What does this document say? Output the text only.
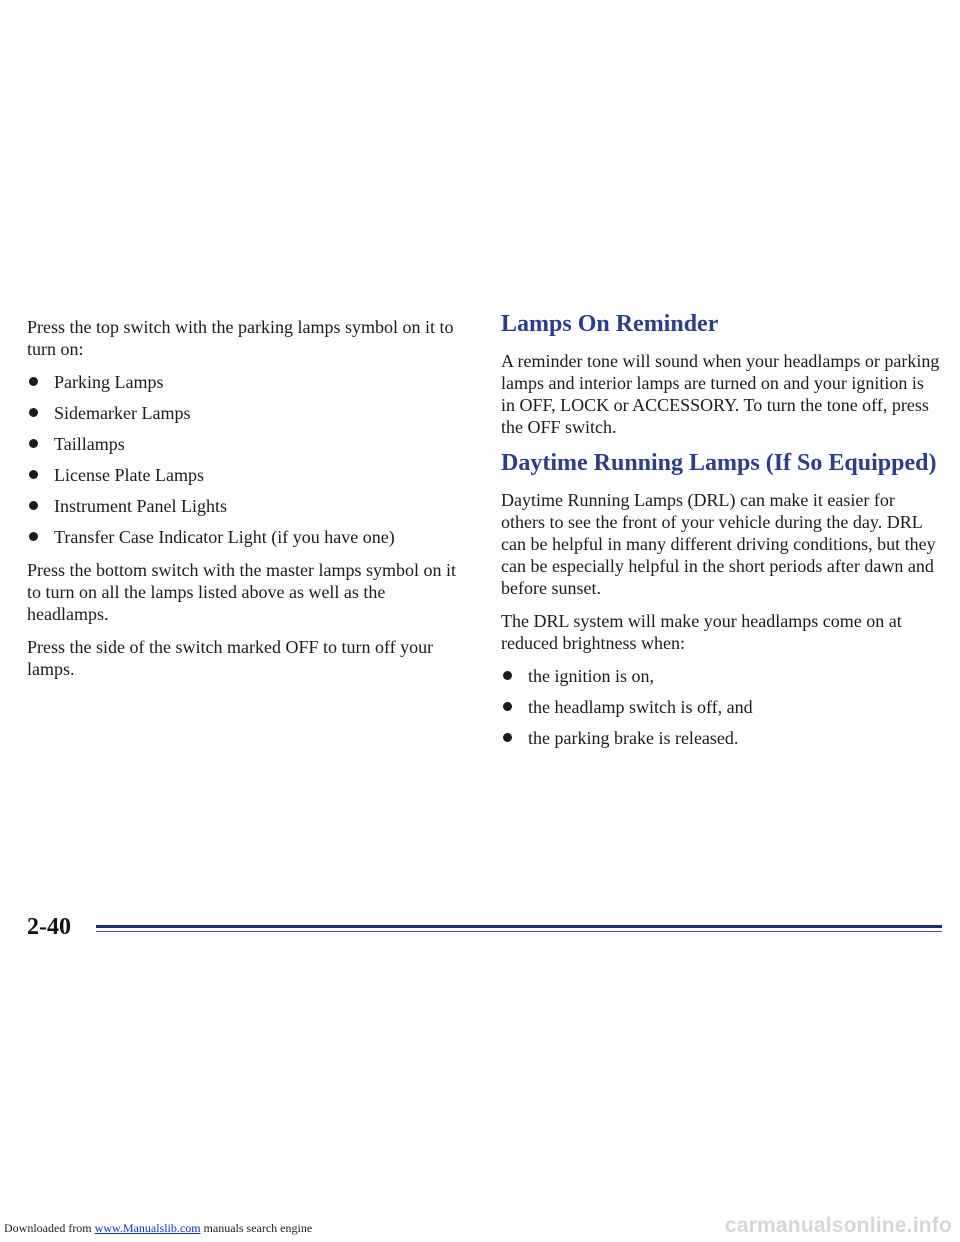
Press the top switch with the parking lamps symbol on it to turn on:

Parking Lamps
Sidemarker Lamps
Taillamps
License Plate Lamps
Instrument Panel Lights
Transfer Case Indicator Light (if you have one)

Press the bottom switch with the master lamps symbol on it to turn on all the lamps listed above as well as the headlamps.

Press the side of the switch marked OFF to turn off your lamps.

Lamps On Reminder

A reminder tone will sound when your headlamps or parking lamps and interior lamps are turned on and your ignition is in OFF, LOCK or ACCESSORY. To turn the tone off, press the OFF switch.

Daytime Running Lamps (If So Equipped)

Daytime Running Lamps (DRL) can make it easier for others to see the front of your vehicle during the day. DRL can be helpful in many different driving conditions, but they can be especially helpful in the short periods after dawn and before sunset.

The DRL system will make your headlamps come on at reduced brightness when:

the ignition is on,
the headlamp switch is off, and
the parking brake is released.
2-40
Downloaded from www.Manualslib.com manuals search engine	carmanualsonline.info
